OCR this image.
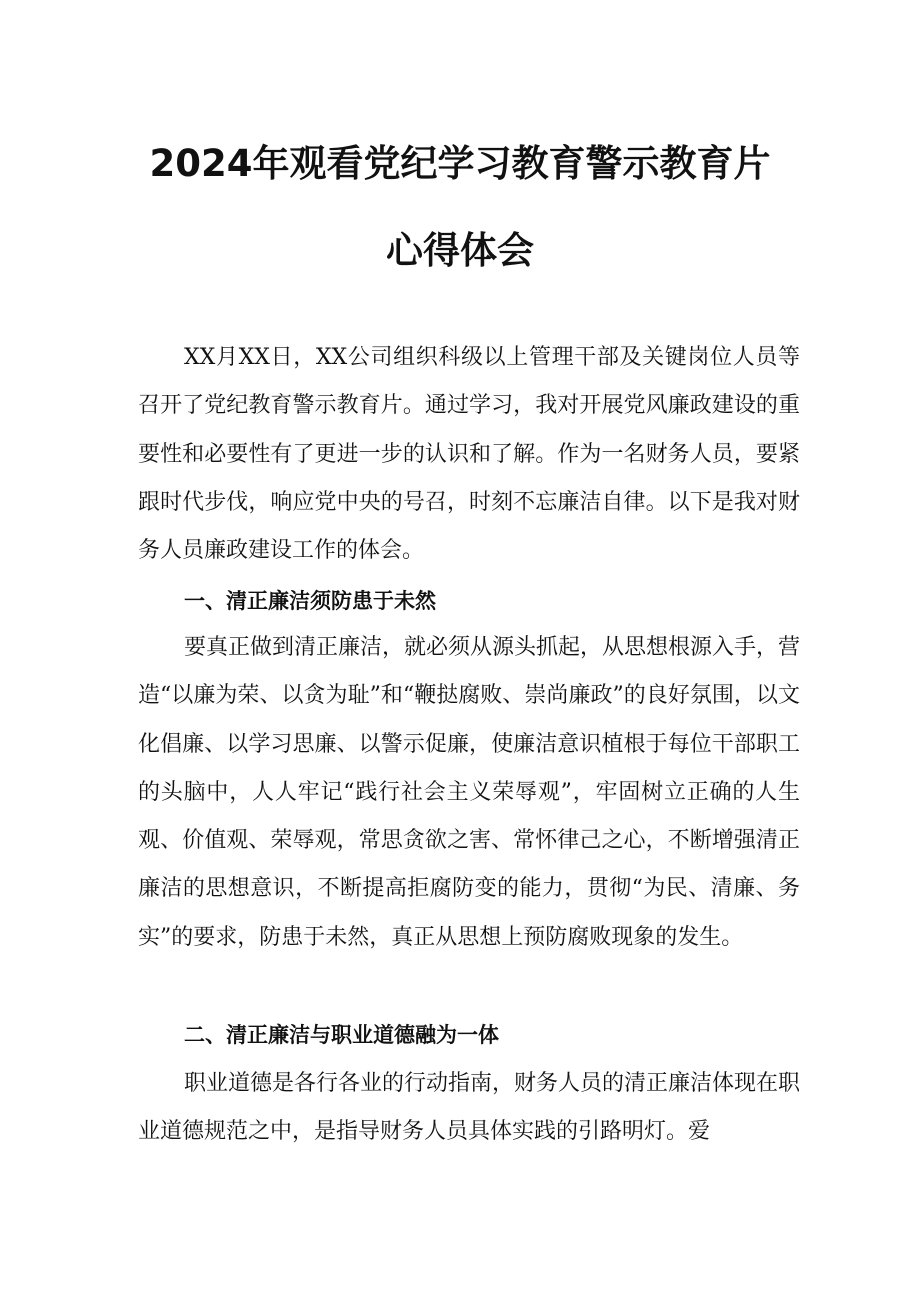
2024年观看党纪学习教育警示教育片
心得体会

XX月XX日，XX公司组织科级以上管理干部及关键岗位人员等召开了党纪教育警示教育片。通过学习，我对开展党风廉政建设的重要性和必要性有了更进一步的认识和了解。作为一名财务人员，要紧跟时代步伐，响应党中央的号召，时刻不忘廉洁自律。以下是我对财务人员廉政建设工作的体会。

一、清正廉洁须防患于未然

要真正做到清正廉洁，就必须从源头抓起，从思想根源入手，营造“以廉为荣、以贪为耻”和“鞭挞腐败、崇尚廉政”的良好氛围，以文化倡廉、以学习思廉、以警示促廉，使廉洁意识植根于每位干部职工的头脑中，人人牢记“践行社会主义荣辱观”，牢固树立正确的人生观、价值观、荣辱观，常思贪欲之害、常怀律己之心，不断增强清正廉洁的思想意识，不断提高拒腐防变的能力，贯彻“为民、清廉、务实”的要求，防患于未然，真正从思想上预防腐败现象的发生。

二、清正廉洁与职业道德融为一体

职业道德是各行各业的行动指南，财务人员的清正廉洁体现在职业道德规范之中，是指导财务人员具体实践的引路明灯。爱
